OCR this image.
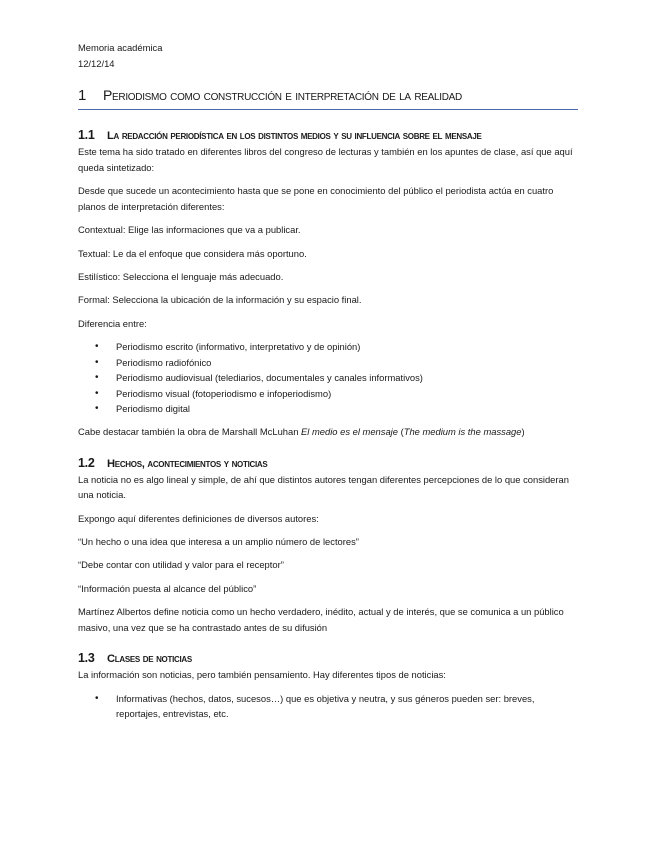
Memoria académica
12/12/14
1 Periodismo como construcción e interpretación de la realidad
1.1 La redacción periodística en los distintos medios y su influencia sobre el mensaje

Este tema ha sido tratado en diferentes libros del congreso de lecturas y también en los apuntes de clase, así que aquí queda sintetizado:

Desde que sucede un acontecimiento hasta que se pone en conocimiento del público el periodista actúa en cuatro planos de interpretación diferentes:

Contextual: Elige las informaciones que va a publicar.

Textual: Le da el enfoque que considera más oportuno.

Estilístico: Selecciona el lenguaje más adecuado.

Formal: Selecciona la ubicación de la información y su espacio final.

Diferencia entre:

• Periodismo escrito (informativo, interpretativo y de opinión)
• Periodismo radiofónico
• Periodismo audiovisual (telediarios, documentales y canales informativos)
• Periodismo visual (fotoperiodismo e infoperiodismo)
• Periodismo digital

Cabe destacar también la obra de Marshall McLuhan El medio es el mensaje (The medium is the massage)

1.2 Hechos, acontecimientos y noticias

La noticia no es algo lineal y simple, de ahí que distintos autores tengan diferentes percepciones de lo que consideran una noticia.

Expongo aquí diferentes definiciones de diversos autores:

“Un hecho o una idea que interesa a un amplio número de lectores”

“Debe contar con utilidad y valor para el receptor”

“Información puesta al alcance del público”

Martínez Albertos define noticia como un hecho verdadero, inédito, actual y de interés, que se comunica a un público masivo, una vez que se ha contrastado antes de su difusión

1.3 Clases de noticias

La información son noticias, pero también pensamiento. Hay diferentes tipos de noticias:

• Informativas (hechos, datos, sucesos…) que es objetiva y neutra, y sus géneros pueden ser: breves, reportajes, entrevistas, etc.
